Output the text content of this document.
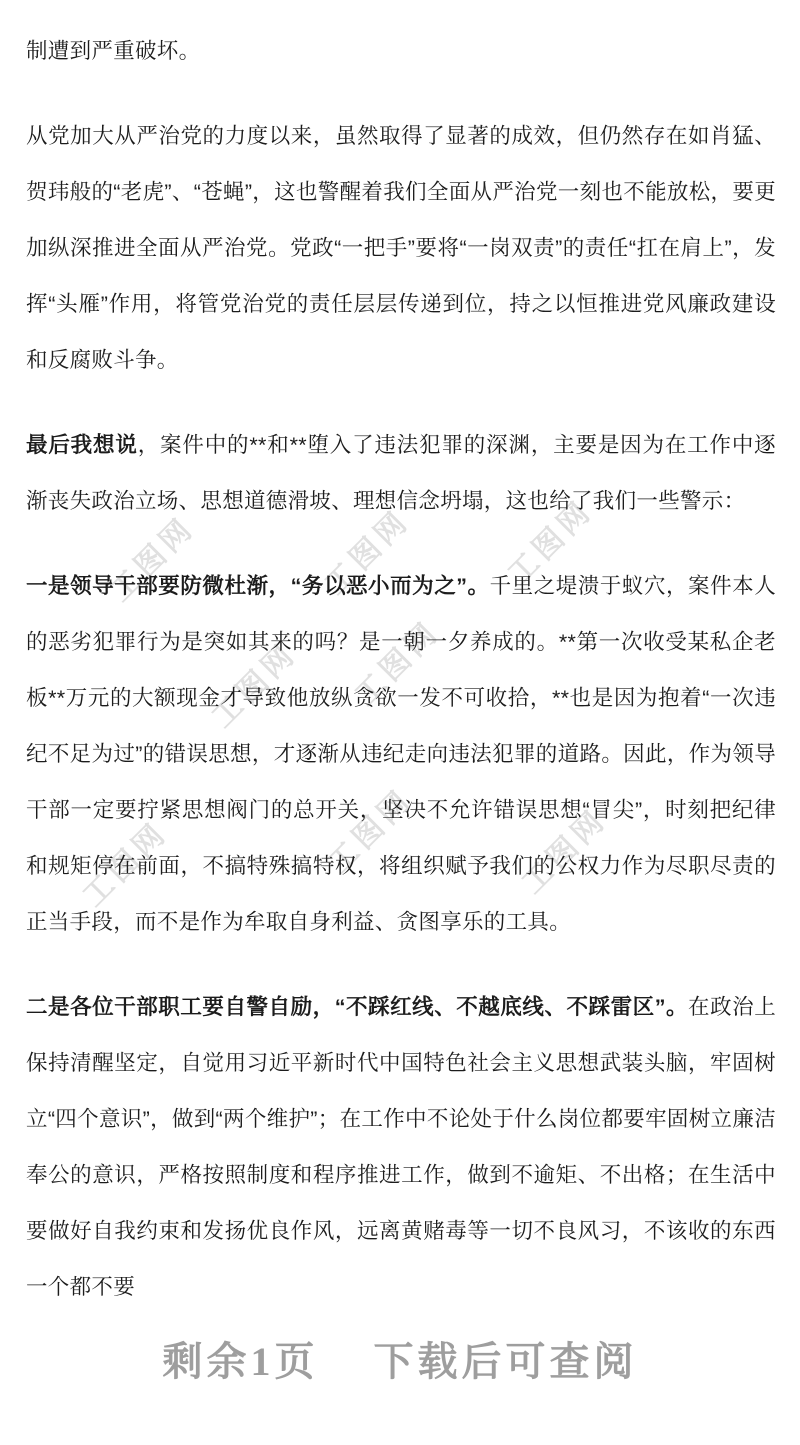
工图网	工图网	工图网
工图网 工图网
工图网	工图网	工图网

制遭到严重破坏。

从党加大从严治党的力度以来，虽然取得了显著的成效，但仍然存在如肖猛、贺玮般的“老虎”、“苍蝇”，这也警醒着我们全面从严治党一刻也不能放松，要更加纵深推进全面从严治党。党政“一把手”要将“一岗双责”的责任“扛在肩上”，发挥“头雁”作用，将管党治党的责任层层传递到位，持之以恒推进党风廉政建设和反腐败斗争。

最后我想说，案件中的**和**堕入了违法犯罪的深渊，主要是因为在工作中逐渐丧失政治立场、思想道德滑坡、理想信念坍塌，这也给了我们一些警示：

一是领导干部要防微杜渐，“务以恶小而为之”。千里之堤溃于蚁穴，案件本人的恶劣犯罪行为是突如其来的吗？是一朝一夕养成的。**第一次收受某私企老板**万元的大额现金才导致他放纵贪欲一发不可收拾，**也是因为抱着“一次违纪不足为过”的错误思想，才逐渐从违纪走向违法犯罪的道路。因此，作为领导干部一定要拧紧思想阀门的总开关，坚决不允许错误思想“冒尖”，时刻把纪律和规矩停在前面，不搞特殊搞特权，将组织赋予我们的公权力作为尽职尽责的正当手段，而不是作为牟取自身利益、贪图享乐的工具。

二是各位干部职工要自警自励，“不踩红线、不越底线、不踩雷区”。在政治上保持清醒坚定，自觉用习近平新时代中国特色社会主义思想武装头脑，牢固树立“四个意识”，做到“两个维护”；在工作中不论处于什么岗位都要牢固树立廉洁奉公的意识，严格按照制度和程序推进工作，做到不逾矩、不出格；在生活中要做好自我约束和发扬优良作风，远离黄赌毒等一切不良风习，不该收的东西一个都不要

剩余1页 下载后可查阅
